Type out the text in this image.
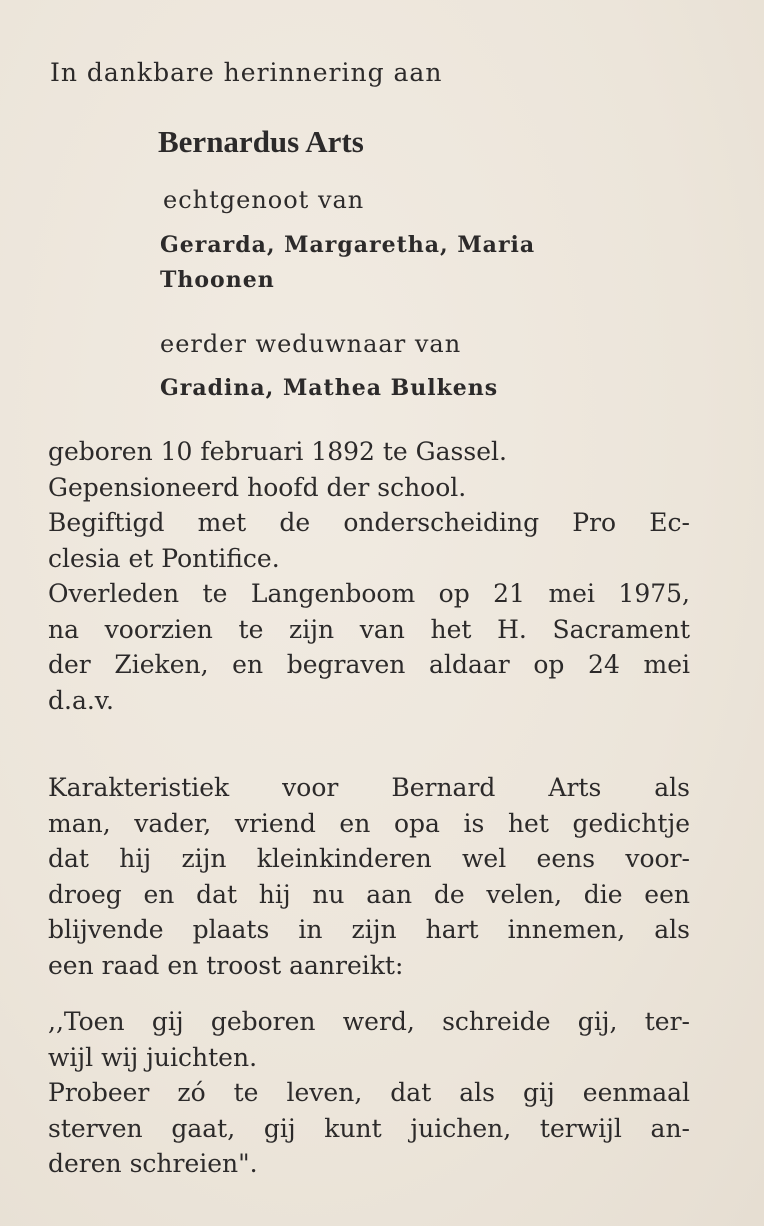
In dankbare herinnering aan

Bernardus Arts

echtgenoot van

Gerarda, Margaretha, Maria

Thoonen

eerder weduwnaar van

Gradina, Mathea Bulkens

geboren 10 februari 1892 te Gassel.
Gepensioneerd hoofd der school.
Begiftigd met de onderscheiding Pro Ec-
clesia et Pontifice.
Overleden te Langenboom op 21 mei 1975,
na voorzien te zijn van het H. Sacrament
der Zieken, en begraven aldaar op 24 mei
d.a.v.
Karakteristiek voor Bernard Arts als
man, vader, vriend en opa is het gedichtje
dat hij zijn kleinkinderen wel eens voor-
droeg en dat hij nu aan de velen, die een
blijvende plaats in zijn hart innemen, als
een raad en troost aanreikt:
,,Toen gij geboren werd, schreide gij, ter-
wijl wij juichten.
Probeer zó te leven, dat als gij eenmaal
sterven gaat, gij kunt juichen, terwijl an-
deren schreien".
